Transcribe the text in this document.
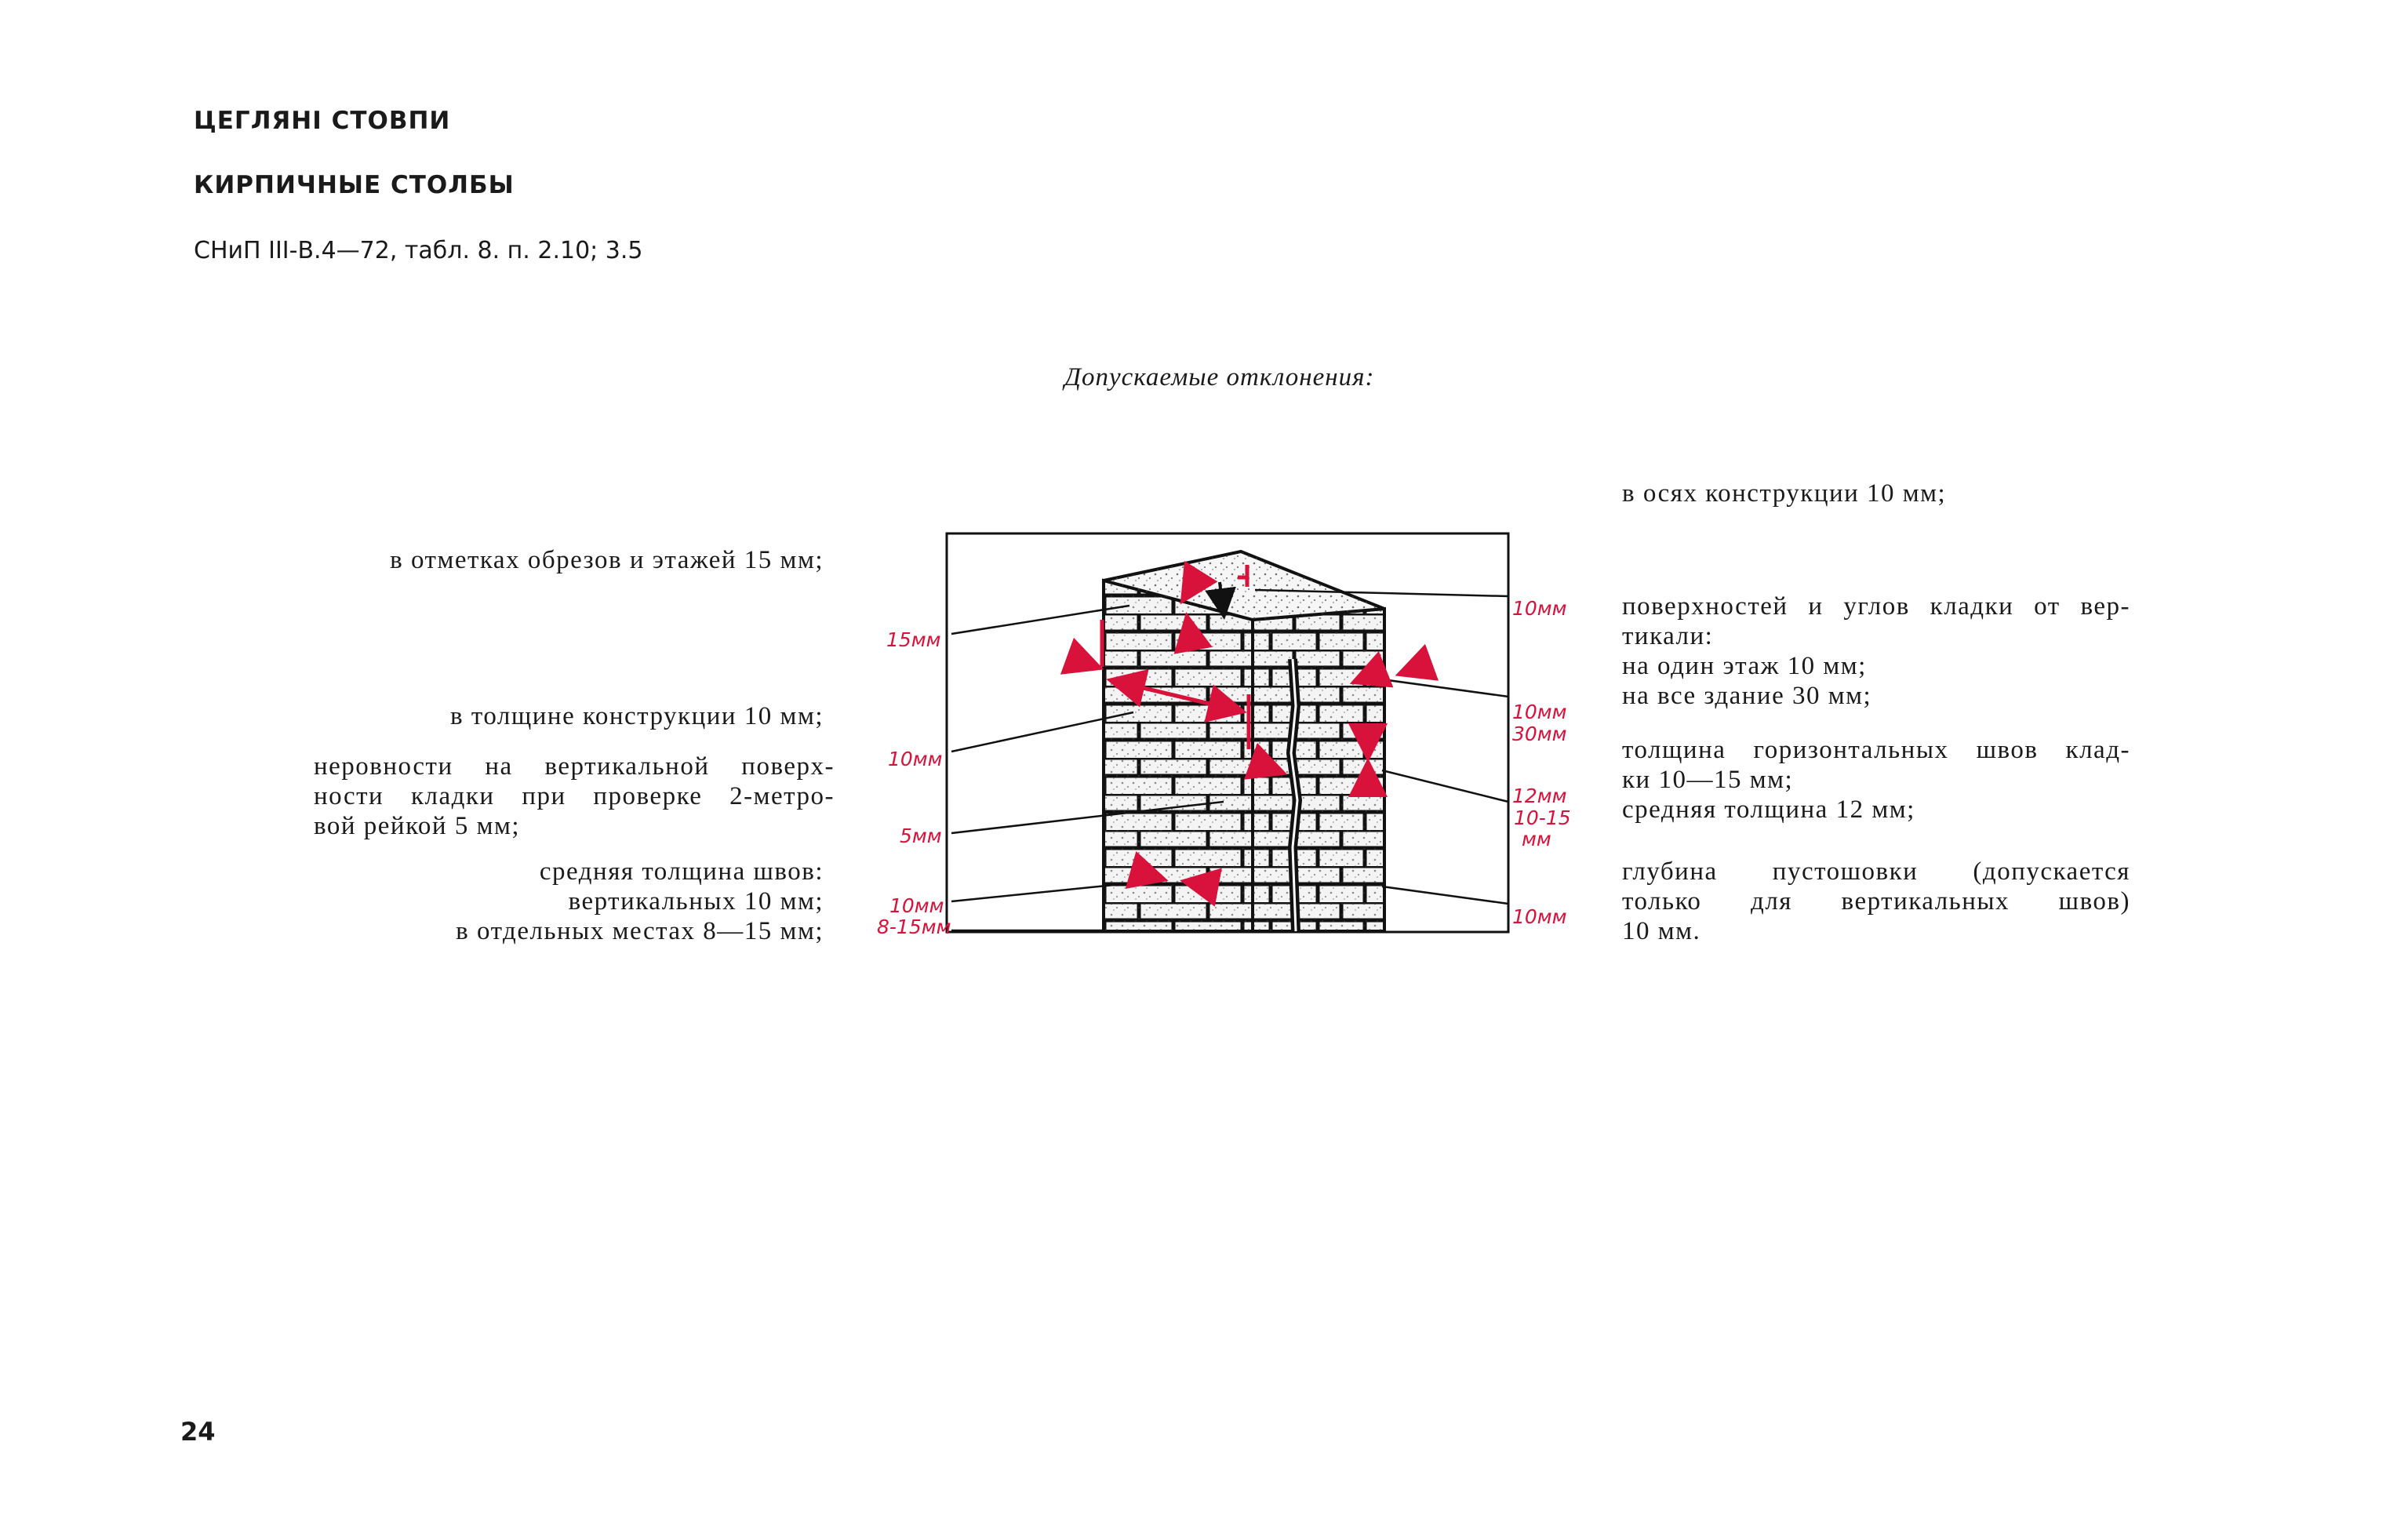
ЦЕГЛЯНІ СТОВПИ
КИРПИЧНЫЕ СТОЛБЫ
СНиП III-В.4—72, табл. 8. п. 2.10; 3.5
Допускаемые отклонения:
в отметках обрезов и этажей 15 мм;
в толщине конструкции 10 мм;
неровности на вертикальной поверх-
ности кладки при проверке 2-метро-
вой рейкой 5 мм;
средняя толщина швов:
вертикальных 10 мм;
в отдельных местах 8—15 мм;
в осях конструкции 10 мм;
поверхностей и углов кладки от вер-
тикали:
на один этаж 10 мм;
на все здание 30 мм;
толщина горизонтальных швов клад-
ки 10—15 мм;
средняя толщина 12 мм;
глубина пустошовки (допускается
только для вертикальных швов)
10 мм.
15мм
10мм
5мм
10мм
8-15мм
10мм
10мм
30мм
12мм
10-15
мм
10мм
24
